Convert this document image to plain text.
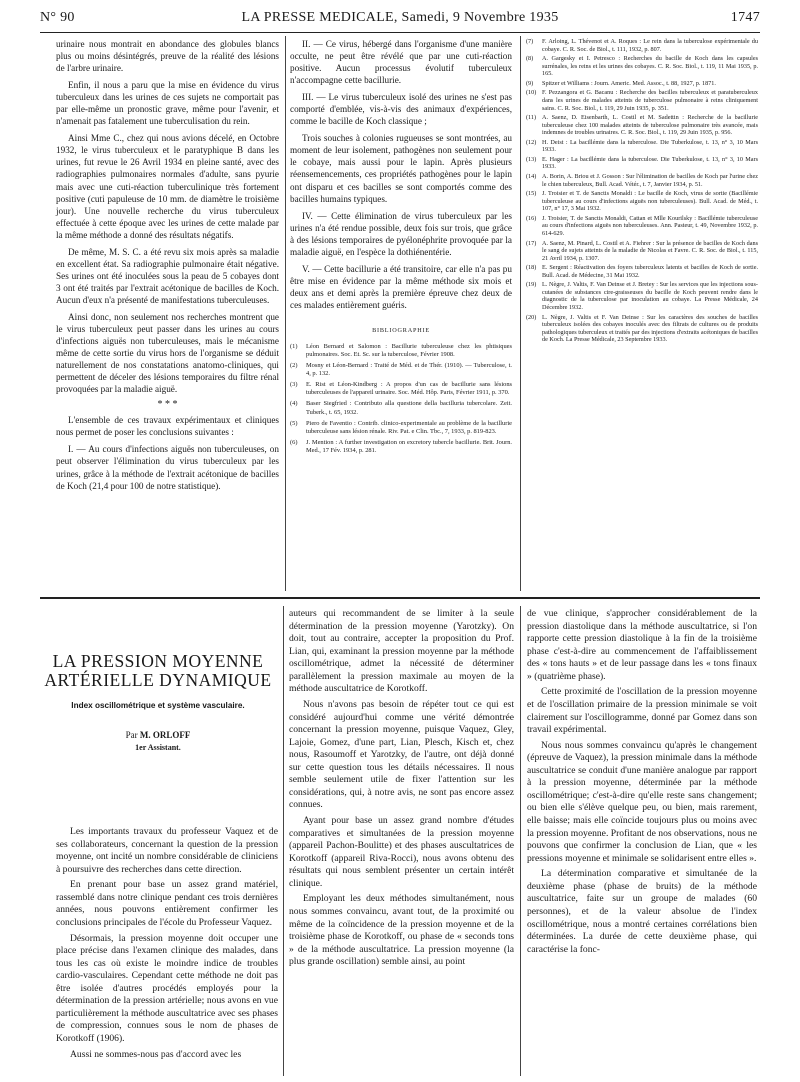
N° 90	LA PRESSE MEDICALE, Samedi, 9 Novembre 1935	1747

urinaire nous montrait en abondance des globules blancs plus ou moins désintégrés, preuve de la réalité des lésions de l'arbre urinaire.

Enfin, il nous a paru que la mise en évidence du virus tuberculeux dans les urines de ces sujets ne comportait pas par elle-même un pronostic grave, même pour l'avenir, et n'amenait pas fatalement une tuberculisation du rein.

Ainsi Mme C., chez qui nous avions décelé, en Octobre 1932, le virus tuberculeux et le paratyphique B dans les urines, fut revue le 26 Avril 1934 en pleine santé, avec des radiographies pulmonaires normales d'adulte, sans pyurie mais avec une cuti-réaction tuberculinique très fortement positive (cuti papuleuse de 10 mm. de diamètre le troisième jour). Une nouvelle recherche du virus tuberculeux effectuée à cette époque avec les urines de cette malade par la même méthode a donné des résultats négatifs.

De même, M. S. C. a été revu six mois après sa maladie en excellent état. Sa radiographie pulmonaire était négative. Ses urines ont été inoculées sous la peau de 5 cobayes dont 3 ont été traités par l'extrait acétonique de bacilles de Koch. Aucun d'eux n'a présenté de manifestations tuberculeuses.

Ainsi donc, non seulement nos recherches montrent que le virus tuberculeux peut passer dans les urines au cours d'infections aiguës non tuberculeuses, mais le mécanisme même de cette sortie du virus hors de l'organisme se déduit naturellement de nos constatations anatomo-cliniques, qui permettent de déceler des lésions temporaires du filtre rénal provoquées par la maladie aiguë.

* * *

L'ensemble de ces travaux expérimentaux et cliniques nous permet de poser les conclusions suivantes :

I. — Au cours d'infections aiguës non tuberculeuses, on peut observer l'élimination du virus tuberculeux par les urines, grâce à la méthode de l'extrait acétonique de bacilles de Koch (21,4 pour 100 de notre statistique).

II. — Ce virus, hébergé dans l'organisme d'une manière occulte, ne peut être révélé que par une cuti-réaction positive. Aucun processus évolutif tuberculeux n'accompagne cette bacillurie.

III. — Le virus tuberculeux isolé des urines ne s'est pas comporté d'emblée, vis-à-vis des animaux d'expériences, comme le bacille de Koch classique ;

Trois souches à colonies rugueuses se sont montrées, au moment de leur isolement, pathogènes non seulement pour le cobaye, mais aussi pour le lapin. Après plusieurs réensemencements, ces propriétés pathogènes pour le lapin ont disparu et ces bacilles se sont comportés comme des bacilles humains typiques.

IV. — Cette élimination de virus tuberculeux par les urines n'a été rendue possible, deux fois sur trois, que grâce à des lésions temporaires de pyélonéphrite provoquée par la maladie aiguë, en l'espèce la dothiénentérie.

V. — Cette bacillurie a été transitoire, car elle n'a pas pu être mise en évidence par la même méthode six mois et deux ans et demi après la première épreuve chez deux de ces malades entièrement guéris.

BIBLIOGRAPHIE
(1) Léon Bernard et Salomon : Bacillurie tuberculeuse chez les phtisiques pulmonaires. Soc. Et. Sc. sur la tuberculose, Février 1908.
(2) Mosny et Léon-Bernard : Traité de Méd. et de Thér. (1910). — Tuberculose, t. 4, p. 132.
(3) E. Rist et Léon-Kindberg : A propos d'un cas de bacillurie sans lésions tuberculeuses de l'appareil urinaire. Soc. Méd. Hôp. Paris, Février 1911, p. 370.
(4) Baser Siegfried : Contributo alla questione della bacilluria tubercolare. Zeit. Tuberk., t. 65, 1932.
(5) Piero de Faventio : Contrib. clinico-experimentale au problème de la bacillurie tuberculeuse sans lésion rénale. Riv. Pat. e Clin. Tbc., 7, 1933, p. 819-823.
(6) J. Mention : A further investigation on excretory tubercle bacillurie. Brit. Journ. Med., 17 Fév. 1934, p. 281.
(7) F. Arloing, L. Thévenot et A. Roques : Le rein dans la tuberculose expérimentale du cobaye. C. R. Soc. de Biol., t. 111, 1932, p. 807.
(8) A. Gargesky et I. Petresco : Recherches du bacille de Koch dans les capsules surrénales, les reins et les urines des cobayes. C. R. Soc. Biol., t. 119, 11 Mai 1935, p. 165.
(9) Spitzer et Williams : Journ. Americ. Med. Assoc., t. 88, 1927, p. 1871.
(10) F. Pezzangora et G. Bacanu : Recherche des bacilles tuberculeux et paratuberculeux dans les urines de malades atteints de tuberculose pulmonaire à reins cliniquement sains. C. R. Soc. Biol., t. 119, 29 Juin 1935, p. 351.
(11) A. Saenz, D. Eisenbarth, L. Costil et M. Sadettin : Recherche de la bacillurie tuberculeuse chez 100 malades atteints de tuberculose pulmonaire très avancée, mais indemnes de troubles urinaires. C. R. Soc. Biol., t. 119, 29 Juin 1935, p. 956.
(12) H. Deist : La bacillémie dans la tuberculose. Die Tuberkulose, t. 13, n° 3, 10 Mars 1933.
(13) E. Hager : La bacillémie dans la tuberculose. Die Tuberkulose, t. 13, n° 3, 10 Mars 1933.
(14) A. Borin, A. Briou et J. Gosson : Sur l'élimination de bacilles de Koch par l'urine chez le chien tuberculeux, Bull. Acad. Vétér., t. 7, Janvier 1934, p. 51.
(15) J. Troisier et T. de Sanctis Monaldi : Le bacille de Koch, virus de sortie (Bacillémie tuberculeuse au cours d'infections aiguës non tuberculeuses). Bull. Acad. de Méd., t. 107, n° 17, 3 Mai 1932.
(16) J. Troisier, T. de Sanctis Monaldi, Cattan et Mlle Kourilsky : Bacillémie tuberculeuse au cours d'infections aiguës non tuberculeuses. Ann. Pasteur, t. 49, Novembre 1932, p. 614-629.
(17) A. Saenz, M. Pinard, L. Costil et A. Fiehrer : Sur la présence de bacilles de Koch dans le sang de sujets atteints de la maladie de Nicolas et Favre. C. R. Soc. de Biol., t. 115, 21 Avril 1934, p. 1307.
(18) E. Sergent : Réactivation des foyers tuberculeux latents et bacilles de Koch de sortie. Bull. Acad. de Médecine, 31 Mai 1932.
(19) L. Nègre, J. Valtis, F. Van Deinse et J. Bretey : Sur les services que les injections sous-cutanées de substances cire-graisseuses du bacille de Koch peuvent rendre dans le diagnostic de la tuberculose par inoculation au cobaye. La Presse Médicale, 24 Décembre 1932.
(20) L. Nègre, J. Valtis et F. Van Deinse : Sur les caractères des souches de bacilles tuberculeux isolées des cobayes inoculés avec des filtrats de cultures ou de produits pathologiques tuberculeux et traités par des injections d'extraits acétoniques de bacilles de Koch. La Presse Médicale, 23 Septembre 1933.
LA PRESSION MOYENNE
ARTÉRIELLE DYNAMIQUE
Index oscillométrique et système vasculaire.
Par M. ORLOFF
1er Assistant.

Les importants travaux du professeur Vaquez et de ses collaborateurs, concernant la question de la pression moyenne, ont incité un nombre considérable de cliniciens à poursuivre des recherches dans cette direction.

En prenant pour base un assez grand matériel, rassemblé dans notre clinique pendant ces trois dernières années, nous pouvons entièrement confirmer les conclusions principales de l'école du Professeur Vaquez.

Désormais, la pression moyenne doit occuper une place précise dans l'examen clinique des malades, dans tous les cas où existe le moindre indice de troubles cardio-vasculaires. Cependant cette méthode ne doit pas être isolée d'autres procédés employés pour la détermination de la pression artérielle; nous avons en vue particulièrement la méthode auscultatrice avec ses phases de compression, connues sous le nom de phases de Korotkoff (1906).

Aussi ne sommes-nous pas d'accord avec les

auteurs qui recommandent de se limiter à la seule détermination de la pression moyenne (Yarotzky). On doit, tout au contraire, accepter la proposition du Prof. Lian, qui, examinant la pression moyenne par la méthode oscillométrique, admet la nécessité de déterminer parallèlement la pression maximale au moyen de la méthode auscultatrice de Korotkoff.

Nous n'avons pas besoin de répéter tout ce qui est considéré aujourd'hui comme une vérité démontrée concernant la pression moyenne, puisque Vaquez, Gley, Lajoie, Gomez, d'une part, Lian, Plesch, Kisch et, chez nous, Rasoumoff et Yarotzky, de l'autre, ont déjà donné sur cette question tous les détails nécessaires. Il nous semble seulement utile de fixer l'attention sur les considérations, qui, à notre avis, ne sont pas encore assez connues.

Ayant pour base un assez grand nombre d'études comparatives et simultanées de la pression moyenne (appareil Pachon-Boulitte) et des phases auscultatrices de Korotkoff (appareil Riva-Rocci), nous avons obtenu des résultats qui nous semblent présenter un certain intérêt clinique.

Employant les deux méthodes simultanément, nous nous sommes convaincu, avant tout, de la proximité ou même de la coïncidence de la pression moyenne et de la troisième phase de Korotkoff, ou phase de « seconds tons » de la méthode auscultatrice. La pression moyenne (la plus grande oscillation) semble ainsi, au point

de vue clinique, s'approcher considérablement de la pression diastolique dans la méthode auscultatrice, si l'on rapporte cette pression diastolique à la fin de la troisième phase c'est-à-dire au commencement de l'affaiblissement des « tons hauts » et de leur passage dans les « tons finaux » (quatrième phase).

Cette proximité de l'oscillation de la pression moyenne et de l'oscillation primaire de la pression minimale se voit clairement sur l'oscillogramme, donné par Gomez dans son travail expérimental.

Nous nous sommes convaincu qu'après le changement (épreuve de Vaquez), la pression minimale dans la méthode auscultatrice se conduit d'une manière analogue par rapport à la pression moyenne, déterminée par la méthode oscillométrique; c'est-à-dire qu'elle reste sans changement; ou bien elle s'élève quelque peu, ou bien, mais rarement, elle baisse; mais elle coïncide toujours plus ou moins avec la pression moyenne. Profitant de nos observations, nous ne pouvons que confirmer la conclusion de Lian, que « les pressions moyenne et minimale se solidarisent entre elles ».

La détermination comparative et simultanée de la deuxième phase (phase de bruits) de la méthode auscultatrice, faite sur un groupe de malades (60 personnes), et de la valeur absolue de l'index oscillométrique, nous a montré certaines corrélations bien déterminées. La durée de cette deuxième phase, qui caractérise la fonc-
